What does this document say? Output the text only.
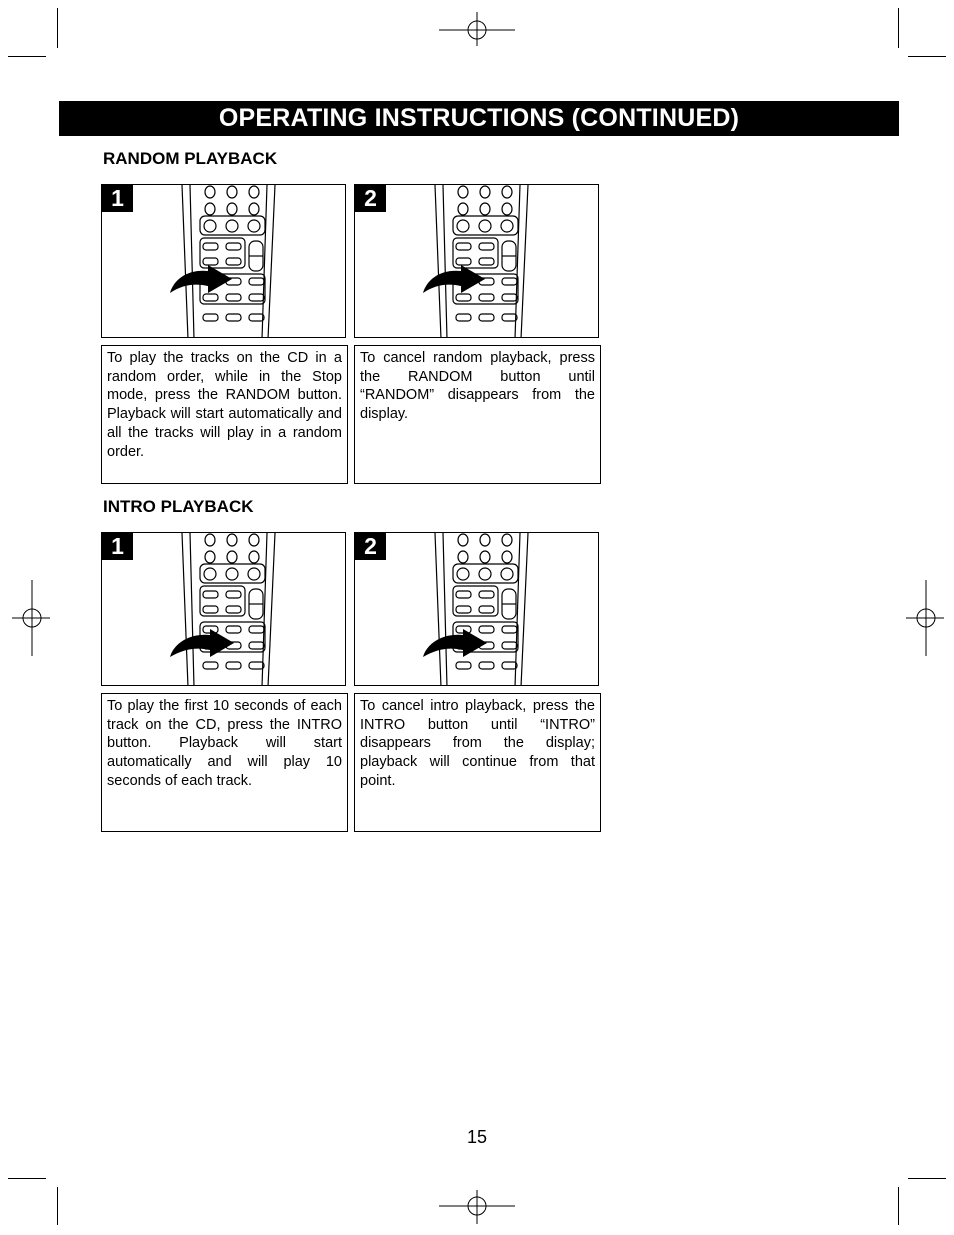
OPERATING INSTRUCTIONS (CONTINUED)
RANDOM PLAYBACK
1	2
To play the tracks on the CD in a random order, while in the Stop mode, press the RANDOM button. Playback will start automatically and all the tracks will play in a random order.
To cancel random playback, press the RANDOM button until “RANDOM” disappears from the display.
INTRO PLAYBACK
1	2
To play the first 10 seconds of each track on the CD, press the INTRO button. Playback will start automatically and will play 10 seconds of each track.
To cancel intro playback, press the INTRO button until “INTRO” disappears from the display; playback will continue from that point.
15
